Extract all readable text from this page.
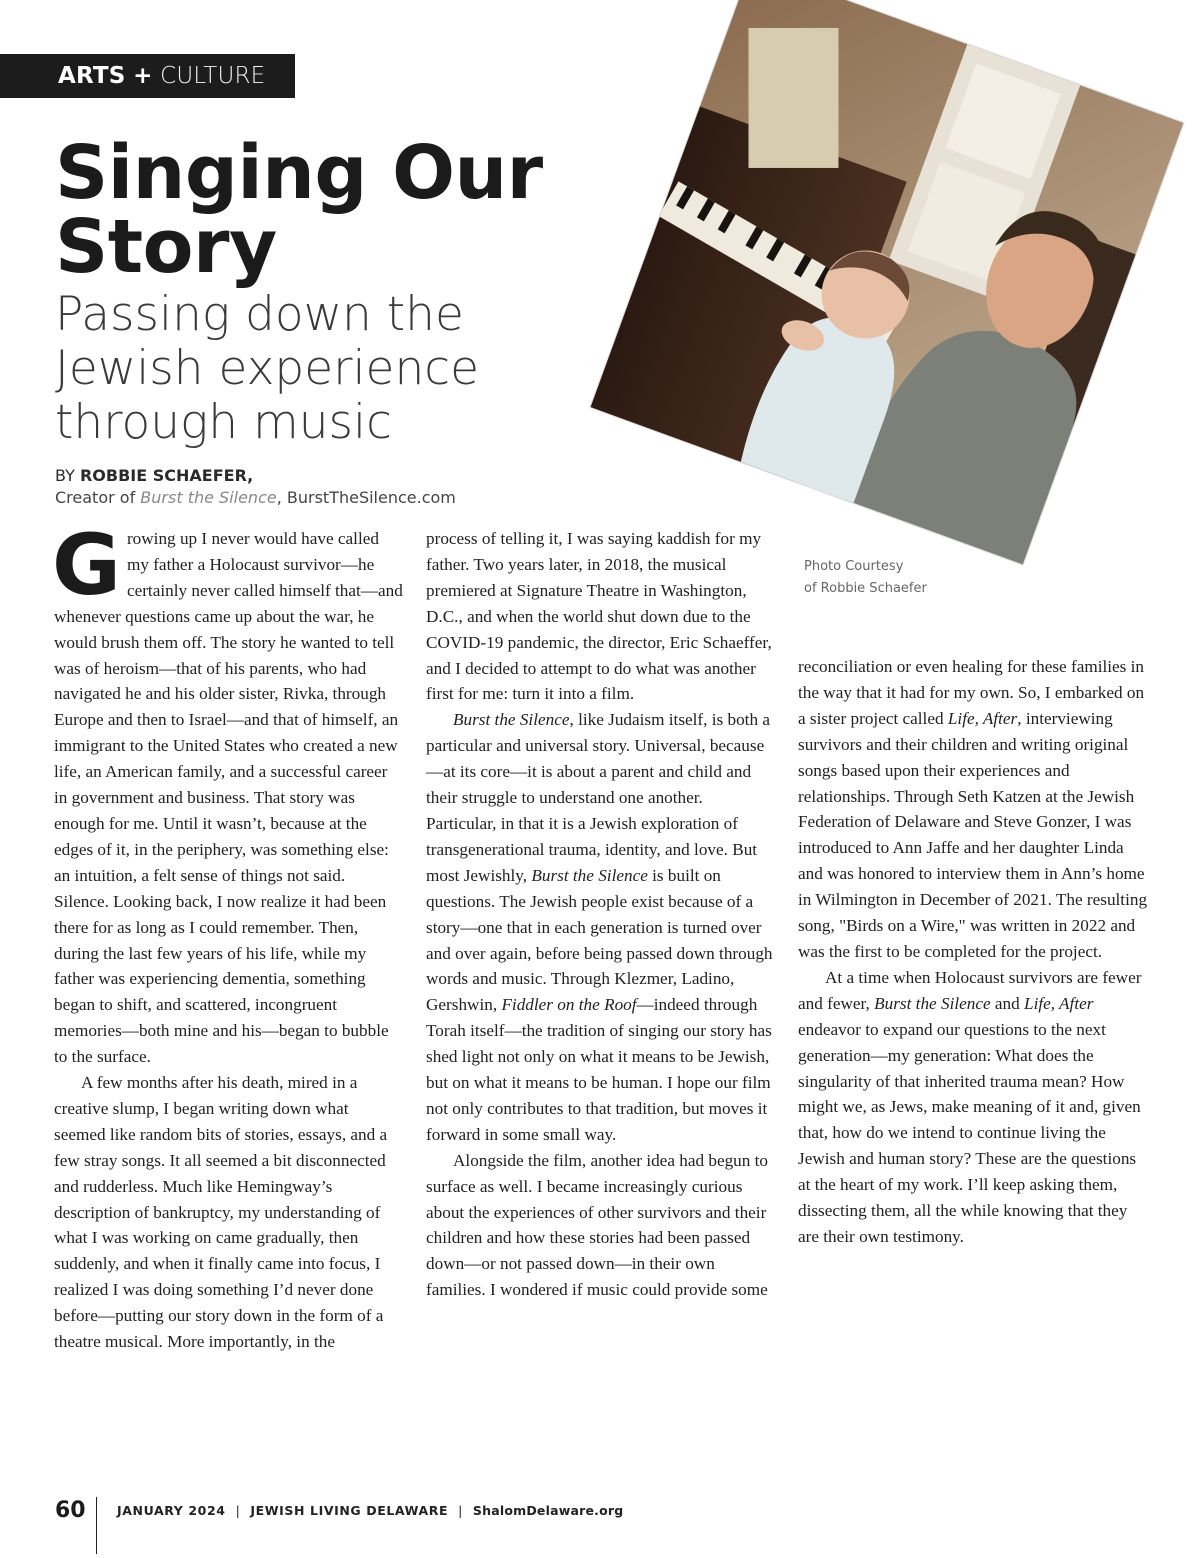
ARTS + CULTURE
Singing Our Story
Passing down the Jewish experience through music
BY ROBBIE SCHAEFER,
Creator of Burst the Silence, BurstTheSilence.com
Photo Courtesy
of Robbie Schaefer

Growing up I never would have called my father a Holocaust survivor—he certainly never called himself that—and whenever questions came up about the war, he would brush them off. The story he wanted to tell was of heroism—that of his parents, who had navigated he and his older sister, Rivka, through Europe and then to Israel—and that of himself, an immigrant to the United States who created a new life, an American family, and a successful career in government and business. That story was enough for me. Until it wasn’t, because at the edges of it, in the periphery, was something else: an intuition, a felt sense of things not said. Silence. Looking back, I now realize it had been there for as long as I could remember. Then, during the last few years of his life, while my father was experiencing dementia, something began to shift, and scattered, incongruent memories—both mine and his—began to bubble to the surface.

A few months after his death, mired in a creative slump, I began writing down what seemed like random bits of stories, essays, and a few stray songs. It all seemed a bit disconnected and rudderless. Much like Hemingway’s description of bankruptcy, my understanding of what I was working on came gradually, then suddenly, and when it finally came into focus, I realized I was doing something I’d never done before—putting our story down in the form of a theatre musical. More importantly, in the

process of telling it, I was saying kaddish for my father. Two years later, in 2018, the musical premiered at Signature Theatre in Washington, D.C., and when the world shut down due to the COVID-19 pandemic, the director, Eric Schaeffer, and I decided to attempt to do what was another first for me: turn it into a film.

Burst the Silence, like Judaism itself, is both a particular and universal story. Universal, because—at its core—it is about a parent and child and their struggle to understand one another. Particular, in that it is a Jewish exploration of transgenerational trauma, identity, and love. But most Jewishly, Burst the Silence is built on questions. The Jewish people exist because of a story—one that in each generation is turned over and over again, before being passed down through words and music. Through Klezmer, Ladino, Gershwin, Fiddler on the Roof—indeed through Torah itself—the tradition of singing our story has shed light not only on what it means to be Jewish, but on what it means to be human. I hope our film not only contributes to that tradition, but moves it forward in some small way.

Alongside the film, another idea had begun to surface as well. I became increasingly curious about the experiences of other survivors and their children and how these stories had been passed down—or not passed down—in their own families. I wondered if music could provide some

reconciliation or even healing for these families in the way that it had for my own. So, I embarked on a sister project called Life, After, interviewing survivors and their children and writing original songs based upon their experiences and relationships. Through Seth Katzen at the Jewish Federation of Delaware and Steve Gonzer, I was introduced to Ann Jaffe and her daughter Linda and was honored to interview them in Ann’s home in Wilmington in December of 2021. The resulting song, "Birds on a Wire," was written in 2022 and was the first to be completed for the project.

At a time when Holocaust survivors are fewer and fewer, Burst the Silence and Life, After endeavor to expand our questions to the next generation—my generation: What does the singularity of that inherited trauma mean? How might we, as Jews, make meaning of it and, given that, how do we intend to continue living the Jewish and human story? These are the questions at the heart of my work. I’ll keep asking them, dissecting them, all the while knowing that they are their own testimony.

60	JANUARY 2024 | JEWISH LIVING DELAWARE | ShalomDelaware.org
